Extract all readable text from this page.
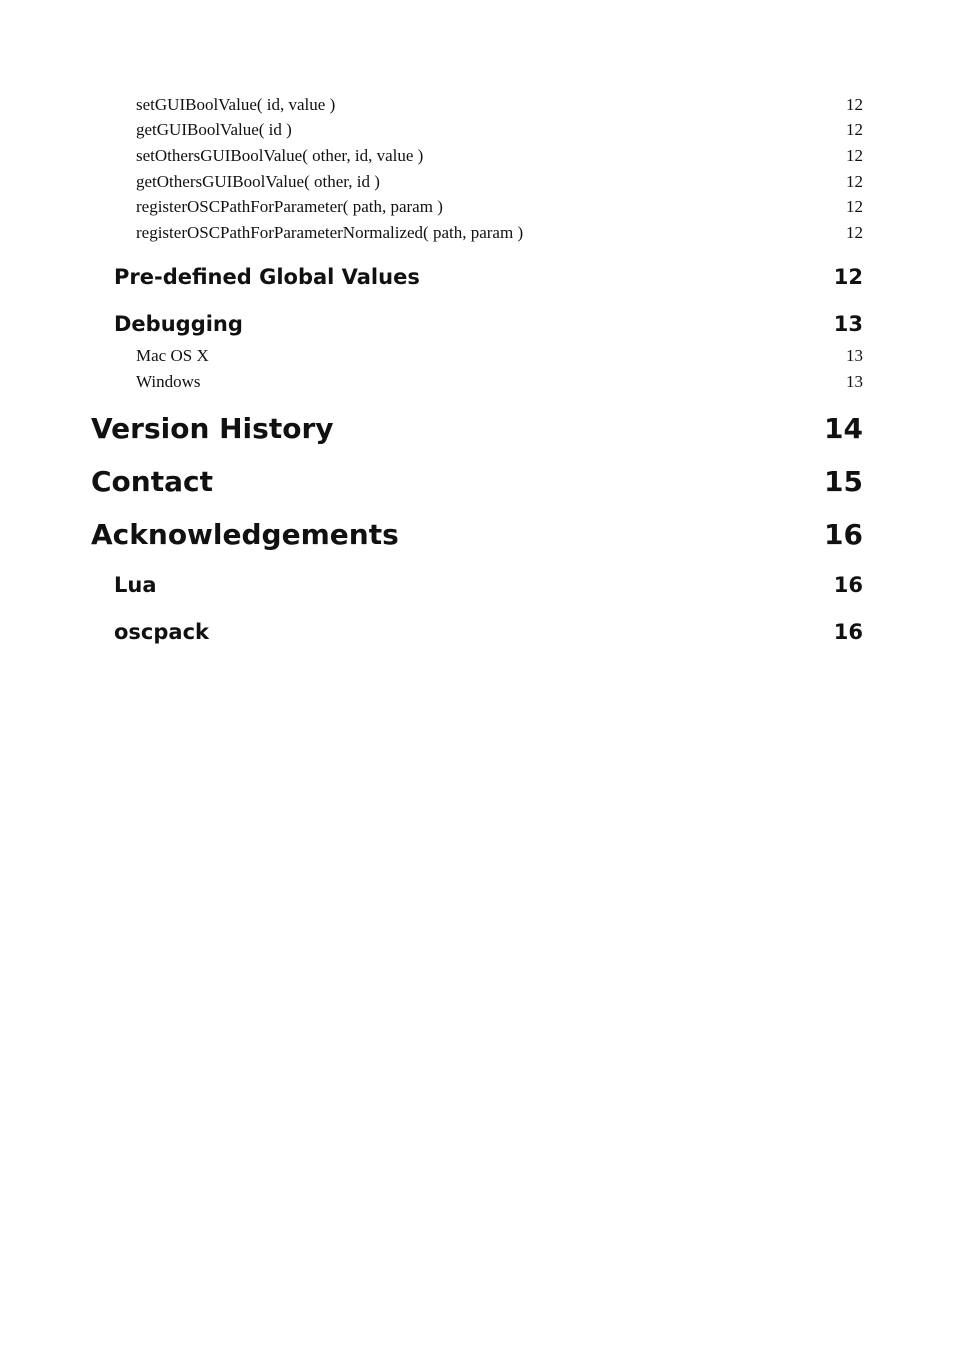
setGUIBoolValue( id, value )	12
getGUIBoolValue( id )	12
setOthersGUIBoolValue( other, id, value )	12
getOthersGUIBoolValue( other, id )	12
registerOSCPathForParameter( path, param )	12
registerOSCPathForParameterNormalized( path, param )	12
Pre-defined Global Values	12
Debugging	13
Mac OS X	13
Windows	13
Version History	14
Contact	15
Acknowledgements	16
Lua	16
oscpack	16
